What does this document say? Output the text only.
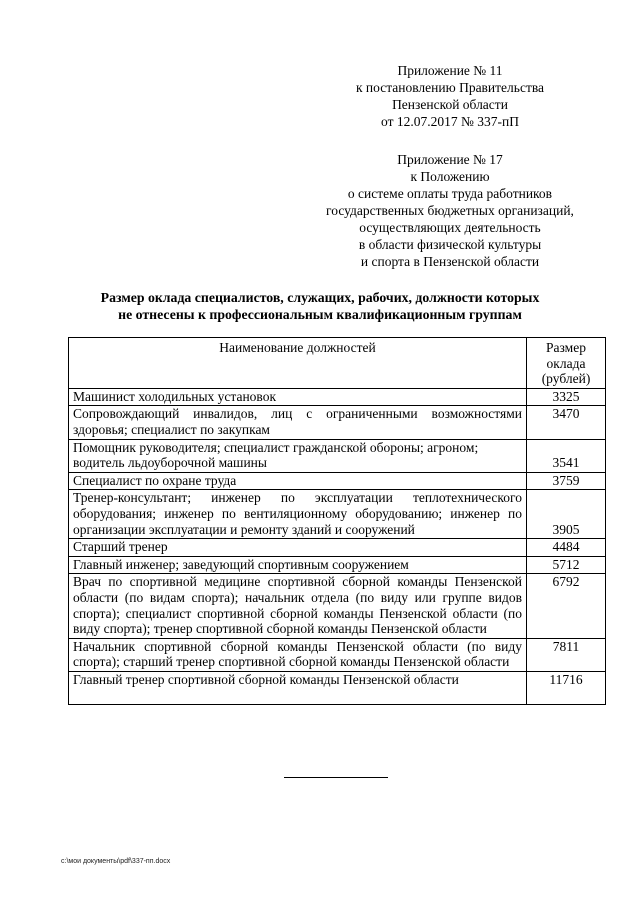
Приложение № 11
к постановлению Правительства
Пензенской области
от 12.07.2017 № 337-пП
Приложение № 17
к Положению
о системе оплаты труда работников
государственных бюджетных организаций,
осуществляющих деятельность
в области физической культуры
и спорта в Пензенской области
Размер оклада специалистов, служащих, рабочих, должности которых
не отнесены к профессиональным квалификационным группам
Наименование должностей	Размер оклада (рублей)
Машинист холодильных установок	3325
Сопровождающий инвалидов, лиц с ограниченными возможностями здоровья; специалист по закупкам	3470
Помощник руководителя; специалист гражданской обороны; агроном; водитель льдоуборочной машины	3541
Специалист по охране труда	3759
Тренер-консультант; инженер по эксплуатации теплотехнического оборудования; инженер по вентиляционному оборудованию; инженер по организации эксплуатации и ремонту зданий и сооружений	3905
Старший тренер	4484
Главный инженер; заведующий спортивным сооружением	5712
Врач по спортивной медицине спортивной сборной команды Пензенской области (по видам спорта); начальник отдела (по виду или группе видов спорта); специалист спортивной сборной команды Пензенской области (по виду спорта); тренер спортивной сборной команды Пензенской области	6792
Начальник спортивной сборной команды Пензенской области (по виду спорта); старший тренер спортивной сборной команды Пензенской области	7811
Главный тренер спортивной сборной команды Пензенской области	11716
c:\мои документы\pdf\337-пп.docx
